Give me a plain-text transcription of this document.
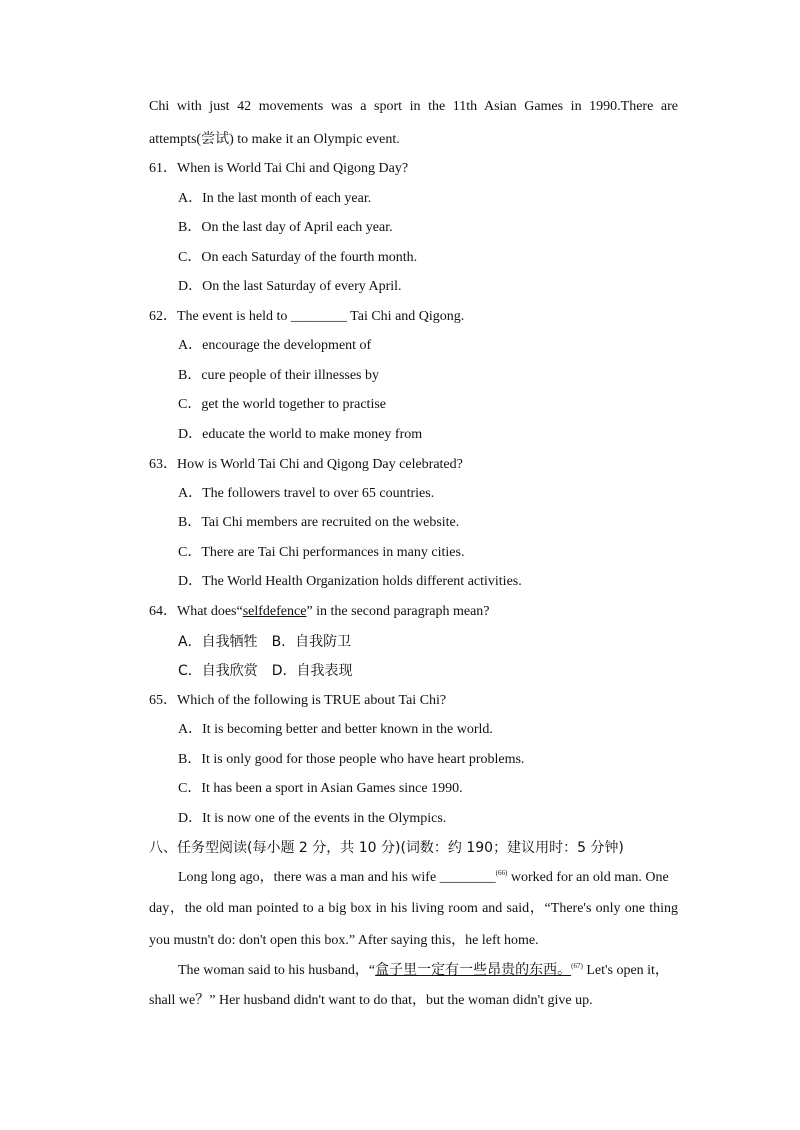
Chi with just 42 movements was a sport in the 11th Asian Games in 1990.There are
attempts(尝试) to make it an Olympic event.
61．When is World Tai Chi and Qigong Day?
A．In the last month of each year.
B．On the last day of April each year.
C．On each Saturday of the fourth month.
D．On the last Saturday of every April.
62．The event is held to ________ Tai Chi and Qigong.
A．encourage the development of
B．cure people of their illnesses by
C．get the world together to practise
D．educate the world to make money from
63．How is World Tai Chi and Qigong Day celebrated?
A．The followers travel to over 65 countries.
B．Tai Chi members are recruited on the website.
C．There are Tai Chi performances in many cities.
D．The World Health Organization holds different activities.
64．What does“selfdefence” in the second paragraph mean?
A．自我牺牲　B．自我防卫
C．自我欣赏　D．自我表现
65．Which of the following is TRUE about Tai Chi?
A．It is becoming better and better known in the world.
B．It is only good for those people who have heart problems.
C．It has been a sport in Asian Games since 1990.
D．It is now one of the events in the Olympics.
八、任务型阅读(每小题 2 分，共 10 分)(词数：约 190；建议用时：5 分钟)
Long long ago，there was a man and his wife ________$^{(66)}$ worked for an old man. One
day，the old man pointed to a big box in his living room and said，“There's only one thing
you mustn't do: don't open this box.” After saying this，he left home.
The woman said to his husband，“盒子里一定有一些昂贵的东西。$^{(67)}$ Let's open it，
shall we？” Her husband didn't want to do that，but the woman didn't give up.
